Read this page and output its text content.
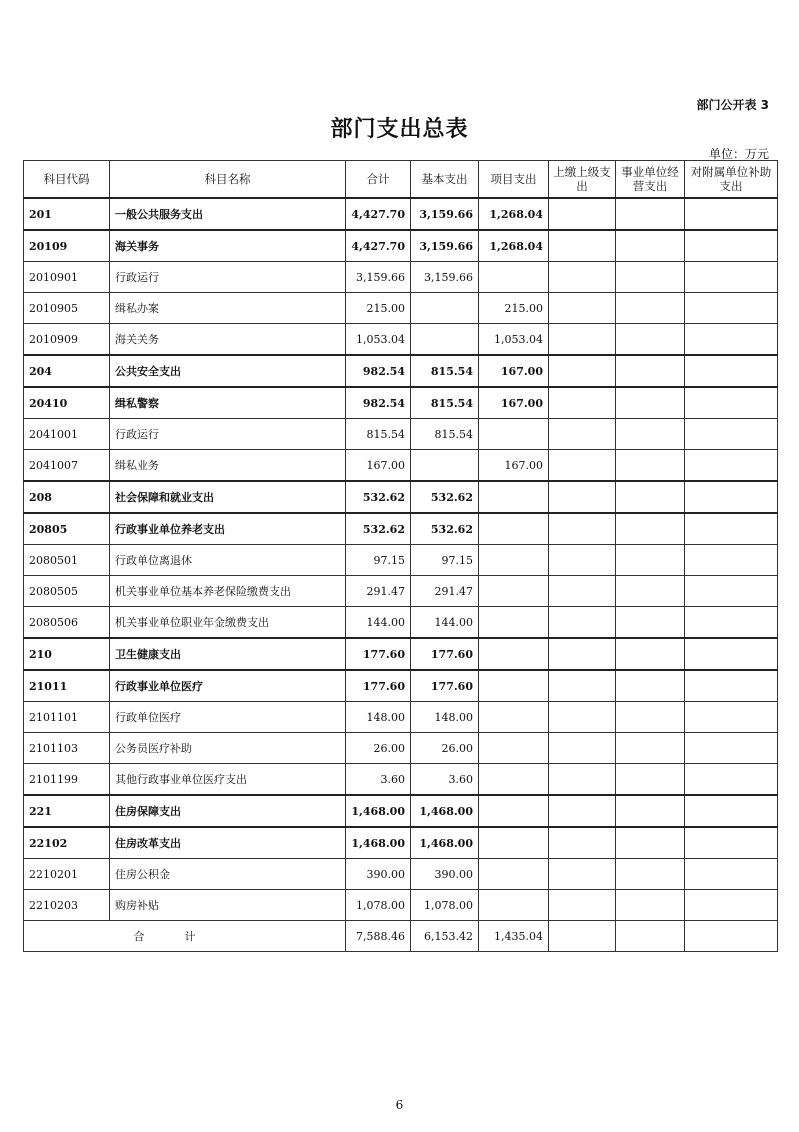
部门公开表 3
部门支出总表
单位：万元
科目代码	科目名称	合计	基本支出	项目支出	上缴上级支出	事业单位经营支出	对附属单位补助支出
201	一般公共服务支出	4,427.70	3,159.66	1,268.04			
20109	海关事务	4,427.70	3,159.66	1,268.04			
2010901	行政运行	3,159.66	3,159.66				
2010905	缉私办案	215.00		215.00			
2010909	海关关务	1,053.04		1,053.04			
204	公共安全支出	982.54	815.54	167.00			
20410	缉私警察	982.54	815.54	167.00			
2041001	行政运行	815.54	815.54				
2041007	缉私业务	167.00		167.00			
208	社会保障和就业支出	532.62	532.62				
20805	行政事业单位养老支出	532.62	532.62				
2080501	行政单位离退休	97.15	97.15				
2080505	机关事业单位基本养老保险缴费支出	291.47	291.47				
2080506	机关事业单位职业年金缴费支出	144.00	144.00				
210	卫生健康支出	177.60	177.60				
21011	行政事业单位医疗	177.60	177.60				
2101101	行政单位医疗	148.00	148.00				
2101103	公务员医疗补助	26.00	26.00				
2101199	其他行政事业单位医疗支出	3.60	3.60				
221	住房保障支出	1,468.00	1,468.00				
22102	住房改革支出	1,468.00	1,468.00				
2210201	住房公积金	390.00	390.00				
2210203	购房补贴	1,078.00	1,078.00				
合计		7,588.46	6,153.42	1,435.04			
6
